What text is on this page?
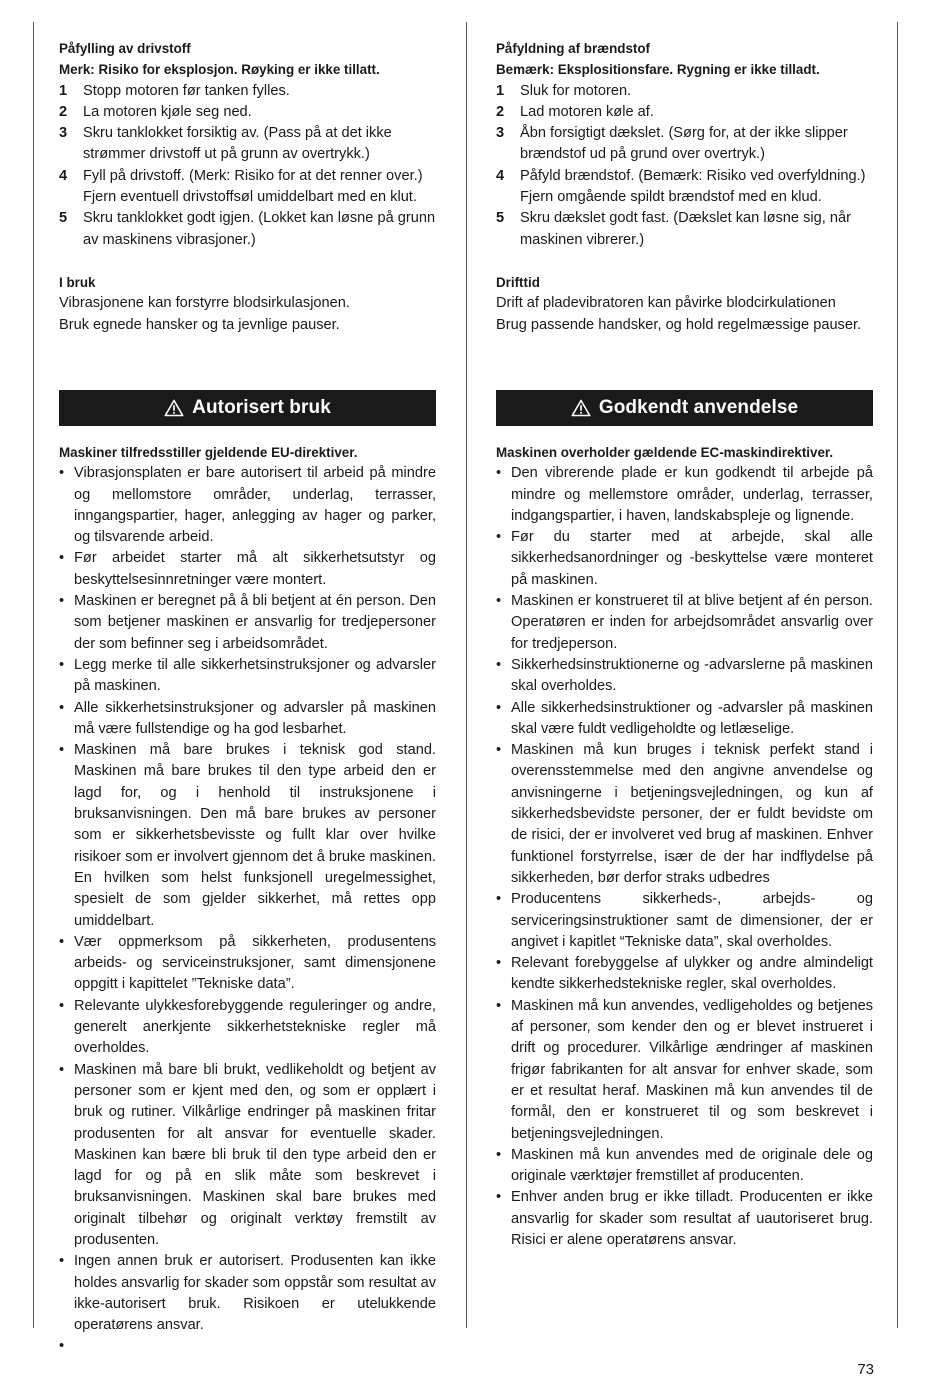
Påfylling av drivstoff
Merk: Risiko for eksplosjon. Røyking er ikke tillatt.
1 Stopp motoren før tanken fylles.
2 La motoren kjøle seg ned.
3 Skru tanklokket forsiktig av. (Pass på at det ikke strømmer drivstoff ut på grunn av overtrykk.)
4 Fyll på drivstoff. (Merk: Risiko for at det renner over.) Fjern eventuell drivstoffsøl umiddelbart med en klut.
5 Skru tanklokket godt igjen. (Lokket kan løsne på grunn av maskinens vibrasjoner.)
I bruk
Vibrasjonene kan forstyrre blodsirkulasjonen.
Bruk egnede hansker og ta jevnlige pauser.
Autorisert bruk
Maskiner tilfredsstiller gjeldende EU-direktiver.
• Vibrasjonsplaten er bare autorisert til arbeid på mindre og mellomstore områder, underlag, terrasser, inngangspartier, hager, anlegging av hager og parker, og tilsvarende arbeid.
• Før arbeidet starter må alt sikkerhetsutstyr og beskyttelsesinnretninger være montert.
• Maskinen er beregnet på å bli betjent at én person. Den som betjener maskinen er ansvarlig for tredjepersoner der som befinner seg i arbeidsområdet.
• Legg merke til alle sikkerhetsinstruksjoner og advarsler på maskinen.
• Alle sikkerhetsinstruksjoner og advarsler på maskinen må være fullstendige og ha god lesbarhet.
• Maskinen må bare brukes i teknisk god stand. Maskinen må bare brukes til den type arbeid den er lagd for, og i henhold til instruksjonene i bruksanvisningen. Den må bare brukes av personer som er sikkerhetsbevisste og fullt klar over hvilke risikoer som er involvert gjennom det å bruke maskinen. En hvilken som helst funksjonell uregelmessighet, spesielt de som gjelder sikkerhet, må rettes opp umiddelbart.
• Vær oppmerksom på sikkerheten, produsentens arbeids- og serviceinstruksjoner, samt dimensjonene oppgitt i kapittelet ”Tekniske data”.
• Relevante ulykkesforebyggende reguleringer og andre, generelt anerkjente sikkerhetstekniske regler må overholdes.
• Maskinen må bare bli brukt, vedlikeholdt og betjent av personer som er kjent med den, og som er opplært i bruk og rutiner. Vilkårlige endringer på maskinen fritar produsenten for alt ansvar for eventuelle skader. Maskinen kan bære bli bruk til den type arbeid den er lagd for og på en slik måte som beskrevet i bruksanvisningen. Maskinen skal bare brukes med originalt tilbehør og originalt verktøy fremstilt av produsenten.
• Ingen annen bruk er autorisert. Produsenten kan ikke holdes ansvarlig for skader som oppstår som resultat av ikke-autorisert bruk. Risikoen er utelukkende operatørens ansvar.
•

Påfyldning af brændstof
Bemærk: Eksplositionsfare. Rygning er ikke tilladt.
1 Sluk for motoren.
2 Lad motoren køle af.
3 Åbn forsigtigt dækslet. (Sørg for, at der ikke slipper brændstof ud på grund over overtryk.)
4 Påfyld brændstof. (Bemærk: Risiko ved overfyldning.) Fjern omgående spildt brændstof med en klud.
5 Skru dækslet godt fast. (Dækslet kan løsne sig, når maskinen vibrerer.)
Drifttid
Drift af pladevibratoren kan påvirke blodcirkulationen
Brug passende handsker, og hold regelmæssige pauser.
Godkendt anvendelse
Maskinen overholder gældende EC-maskindirektiver.
• Den vibrerende plade er kun godkendt til arbejde på mindre og mellemstore områder, underlag, terrasser, indgangspartier, i haven, landskabspleje og lignende.
• Før du starter med at arbejde, skal alle sikkerhedsanordninger og -beskyttelse være monteret på maskinen.
• Maskinen er konstrueret til at blive betjent af én person. Operatøren er inden for arbejdsområdet ansvarlig over for tredjeperson.
• Sikkerhedsinstruktionerne og -advarslerne på maskinen skal overholdes.
• Alle sikkerhedsinstruktioner og -advarsler på maskinen skal være fuldt vedligeholdte og letlæselige.
• Maskinen må kun bruges i teknisk perfekt stand i overensstemmelse med den angivne anvendelse og anvisningerne i betjeningsvejledningen, og kun af sikkerhedsbevidste personer, der er fuldt bevidste om de risici, der er involveret ved brug af maskinen. Enhver funktionel forstyrrelse, især de der har indflydelse på sikkerheden, bør derfor straks udbedres
• Producentens sikkerheds-, arbejds- og serviceringsinstruktioner samt de dimensioner, der er angivet i kapitlet “Tekniske data”, skal overholdes.
• Relevant forebyggelse af ulykker og andre almindeligt kendte sikkerhedstekniske regler, skal overholdes.
• Maskinen må kun anvendes, vedligeholdes og betjenes af personer, som kender den og er blevet instrueret i drift og procedurer. Vilkårlige ændringer af maskinen frigør fabrikanten for alt ansvar for enhver skade, som er et resultat heraf. Maskinen må kun anvendes til de formål, den er konstrueret til og som beskrevet i betjeningsvejledningen.
• Maskinen må kun anvendes med de originale dele og originale værktøjer fremstillet af producenten.
• Enhver anden brug er ikke tilladt. Producenten er ikke ansvarlig for skader som resultat af uautoriseret brug. Risici er alene operatørens ansvar.
73
